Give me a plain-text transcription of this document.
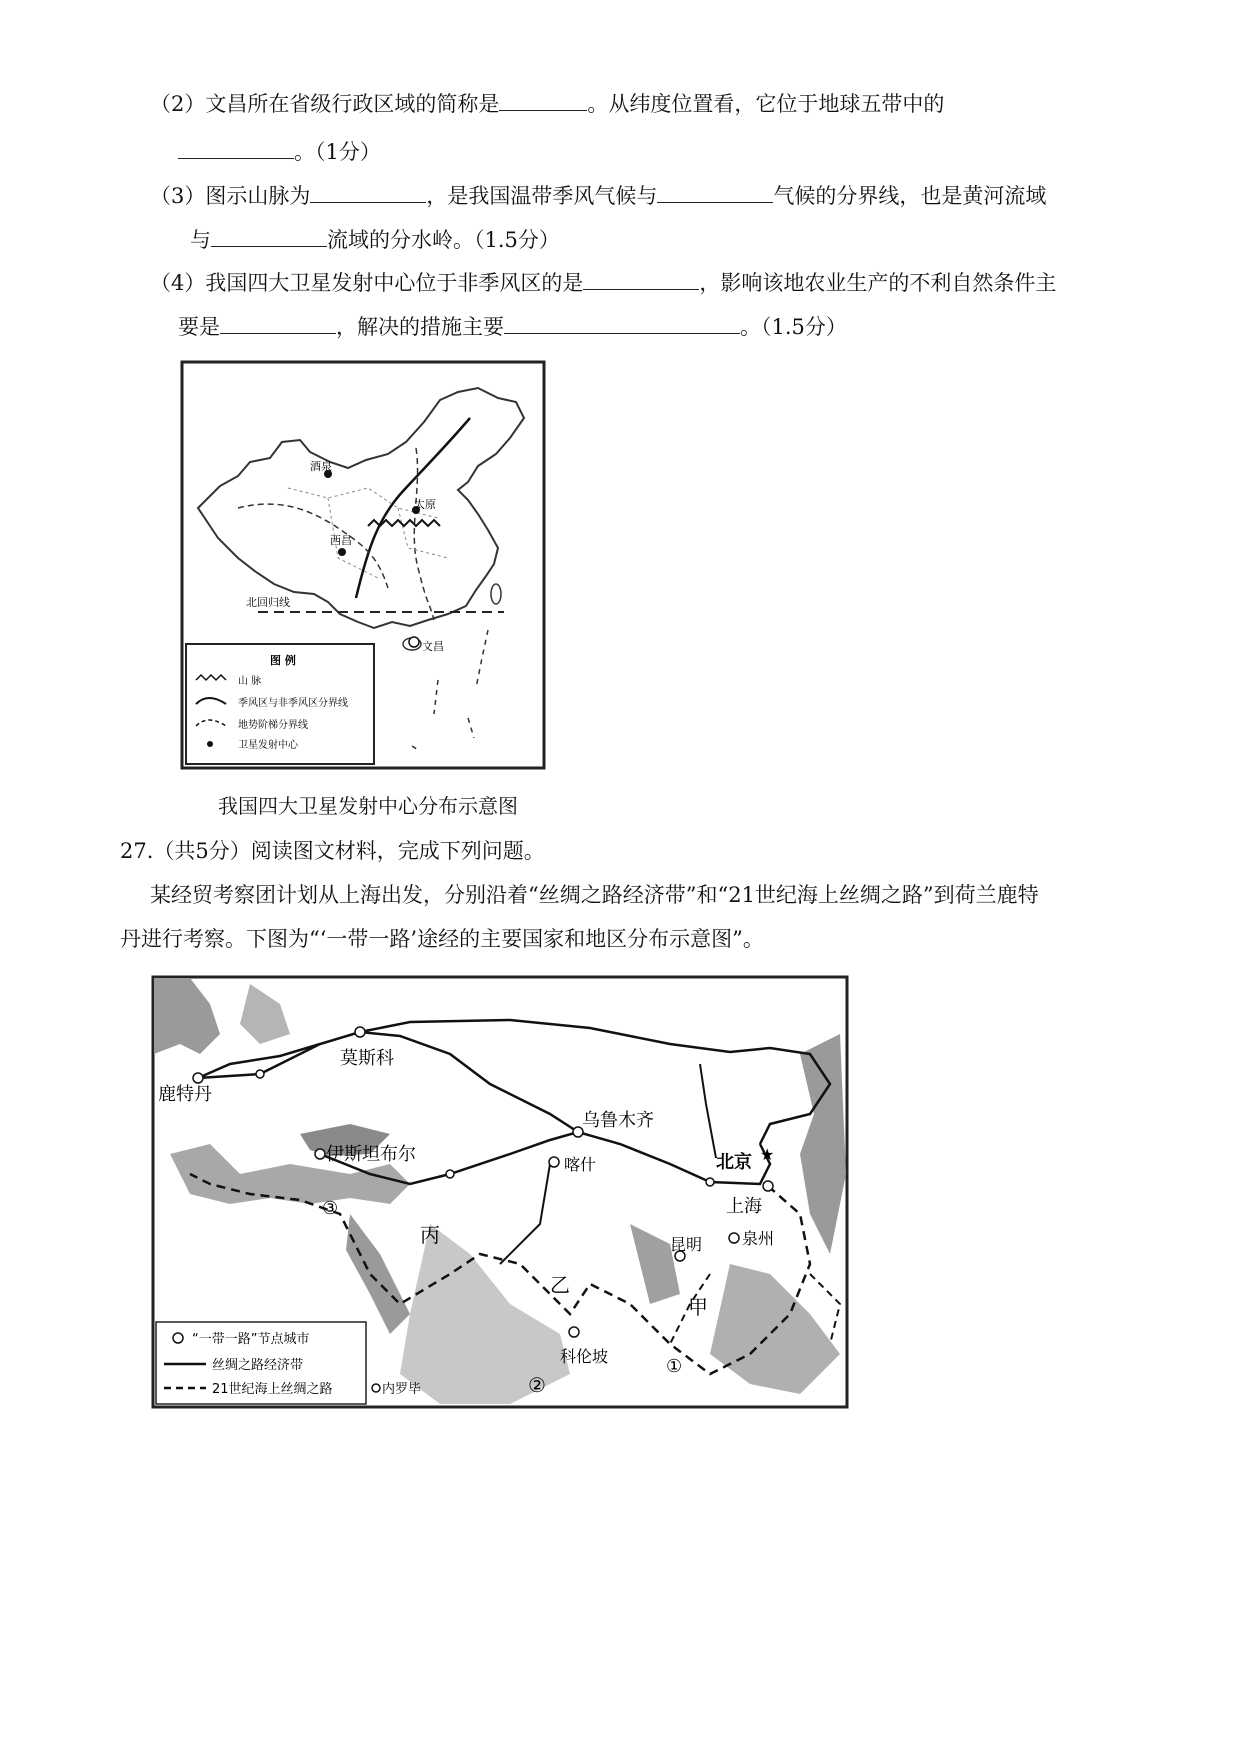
（2）文昌所在省级行政区域的简称是	。从纬度位置看，它位于地球五带中的
。（1分）
（3）图示山脉为	，是我国温带季风气候与	气候的分界线，也是黄河流域
与	流域的分水岭。（1.5分）
（4）我国四大卫星发射中心位于非季风区的是	，影响该地农业生产的不利自然条件主
要是	，解决的措施主要	。（1.5分）
酒泉
太原
西昌
文昌
北回归线
图 例
山 脉
季风区与非季风区分界线
地势阶梯分界线
卫星发射中心
我国四大卫星发射中心分布示意图
27.（共5分）阅读图文材料，完成下列问题。
某经贸考察团计划从上海出发，分别沿着“丝绸之路经济带”和“21世纪海上丝绸之路”到荷兰鹿特
丹进行考察。下图为“‘一带一路’途经的主要国家和地区分布示意图”。
★
莫斯科
鹿特丹
乌鲁木齐
伊斯坦布尔	喀什	北京
上海
昆明 泉州
科伦坡
甲
乙
丙
①
②
③
“一带一路”节点城市
丝绸之路经济带
21世纪海上丝绸之路	内罗毕
